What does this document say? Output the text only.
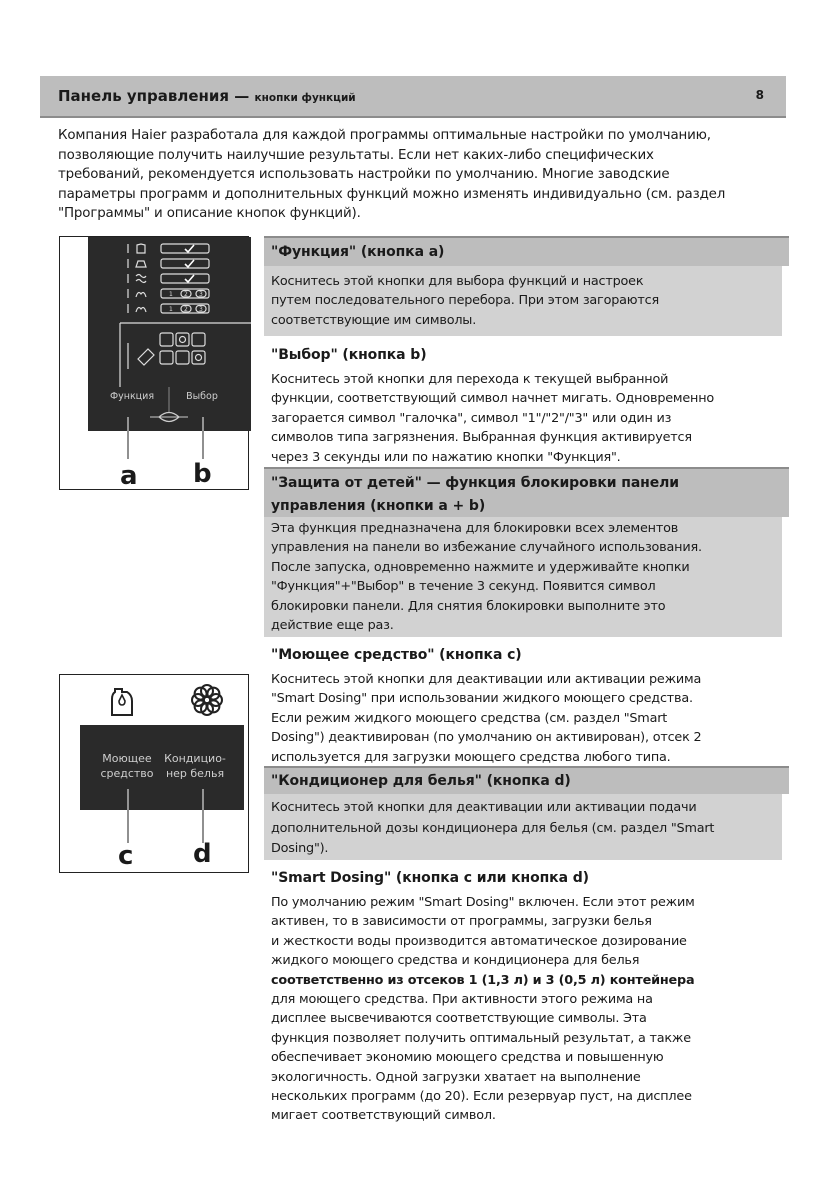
Панель управления — кнопки функций	8
Компания Haier разработала для каждой программы оптимальные настройки по умолчанию,
позволяющие получить наилучшие результаты. Если нет каких-либо специфических
требований, рекомендуется использовать настройки по умолчанию. Многие заводские
параметры программ и дополнительных функций можно изменять индивидуально (см. раздел
"Программы" и описание кнопок функций).
1 2 3
1 2 3
Функция	Выбор
a b
Моющее
средство
Кондицио-
нер белья
c d
"Функция" (кнопка a)
Коснитесь этой кнопки для выбора функций и настроек
путем последовательного перебора. При этом загораются
соответствующие им символы.
"Выбор" (кнопка b)
Коснитесь этой кнопки для перехода к текущей выбранной
функции, соответствующий символ начнет мигать. Одновременно
загорается символ "галочка", символ "1"/"2"/"3" или один из
символов типа загрязнения. Выбранная функция активируется
через 3 секунды или по нажатию кнопки "Функция".
"Защита от детей" — функция блокировки панели
управления (кнопки a + b)
Эта функция предназначена для блокировки всех элементов
управления на панели во избежание случайного использования.
После запуска, одновременно нажмите и удерживайте кнопки
"Функция"+"Выбор" в течение 3 секунд. Появится символ
блокировки панели. Для снятия блокировки выполните это
действие еще раз.
"Моющее средство" (кнопка c)
Коснитесь этой кнопки для деактивации или активации режима
"Smart Dosing" при использовании жидкого моющего средства.
Если режим жидкого моющего средства (см. раздел "Smart
Dosing") деактивирован (по умолчанию он активирован), отсек 2
используется для загрузки моющего средства любого типа.
"Кондиционер для белья" (кнопка d)
Коснитесь этой кнопки для деактивации или активации подачи
дополнительной дозы кондиционера для белья (см. раздел "Smart
Dosing").
"Smart Dosing" (кнопка c или кнопка d)
По умолчанию режим "Smart Dosing" включен. Если этот режим
активен, то в зависимости от программы, загрузки белья
и жесткости воды производится автоматическое дозирование
жидкого моющего средства и кондиционера для белья
соответственно из отсеков 1 (1,3 л) и 3 (0,5 л) контейнера
для моющего средства. При активности этого режима на
дисплее высвечиваются соответствующие символы. Эта
функция позволяет получить оптимальный результат, а также
обеспечивает экономию моющего средства и повышенную
экологичность. Одной загрузки хватает на выполнение
нескольких программ (до 20). Если резервуар пуст, на дисплее
мигает соответствующий символ.
